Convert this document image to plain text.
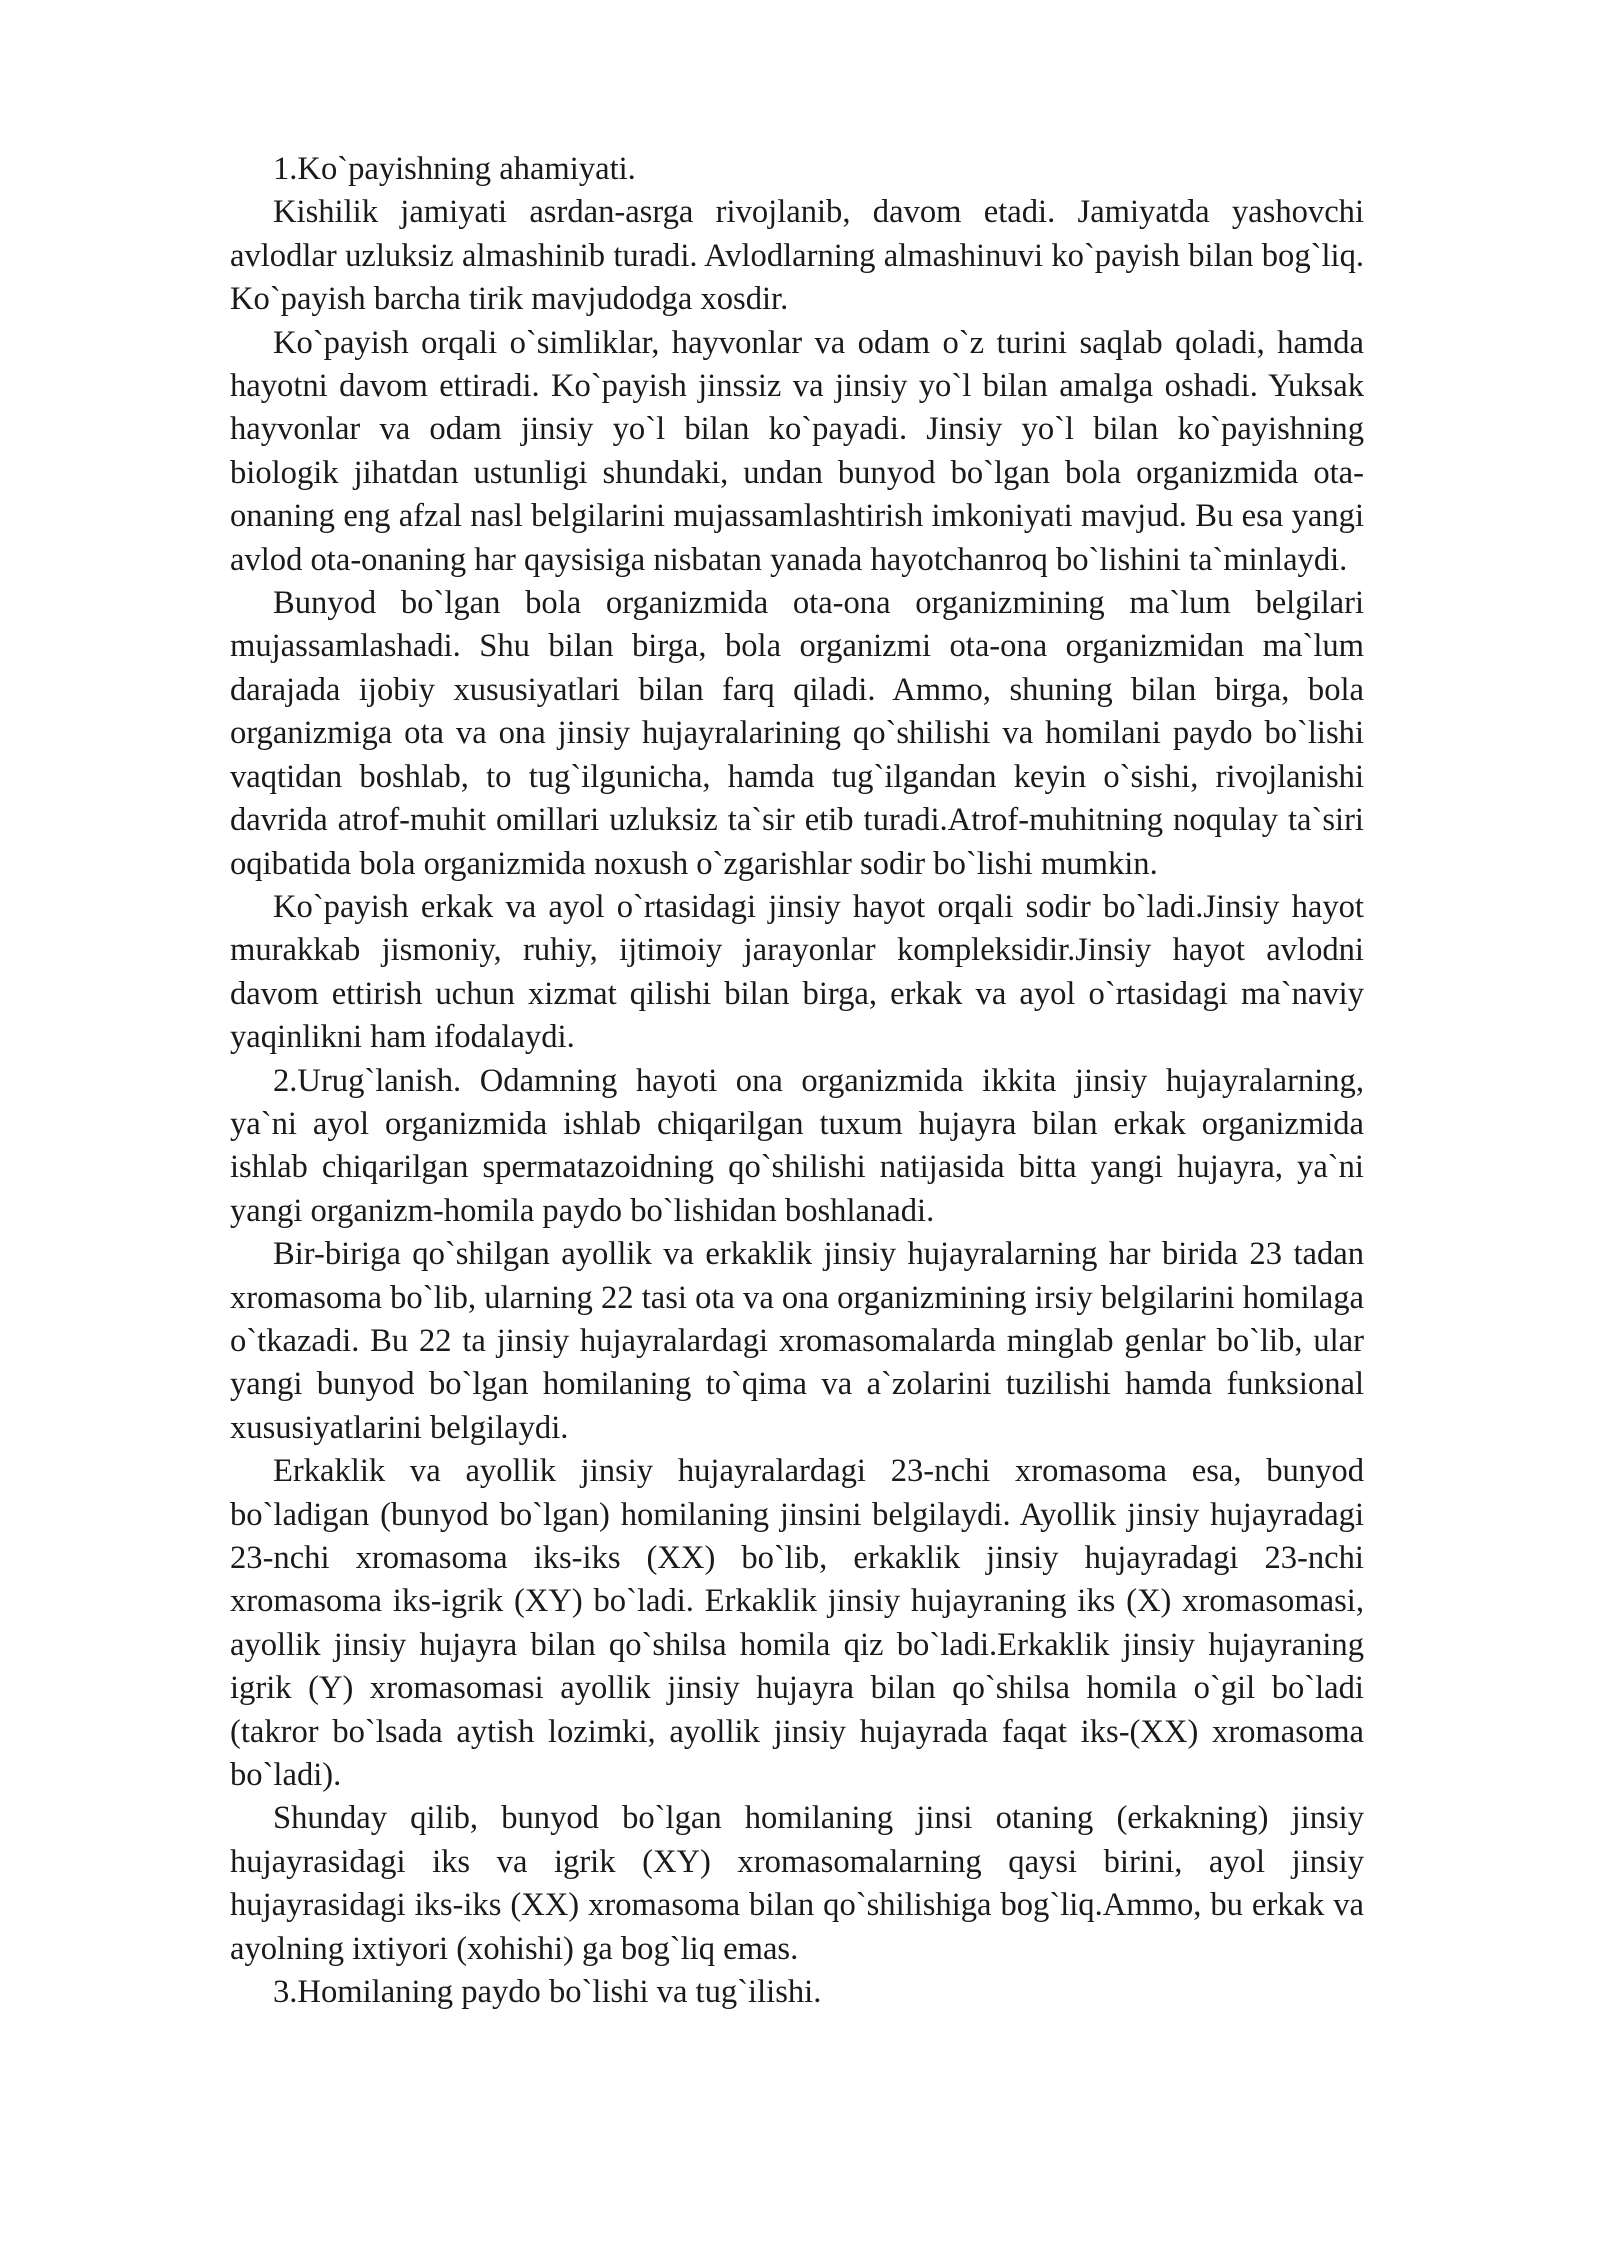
1.Ko`payishning ahamiyati.

Kishilik jamiyati asrdan-asrga rivojlanib, davom etadi. Jamiyatda yashovchi avlodlar uzluksiz almashinib turadi. Avlodlarning almashinuvi ko`payish bilan bog`liq. Ko`payish barcha tirik mavjudodga xosdir.

Ko`payish orqali o`simliklar, hayvonlar va odam o`z turini saqlab qoladi, hamda hayotni davom ettiradi. Ko`payish jinssiz va jinsiy yo`l bilan amalga oshadi. Yuksak hayvonlar va odam jinsiy yo`l bilan ko`payadi. Jinsiy yo`l bilan ko`payishning biologik jihatdan ustunligi shundaki, undan bunyod bo`lgan bola organizmida ota-onaning eng afzal nasl belgilarini mujassamlashtirish imkoniyati mavjud. Bu esa yangi avlod ota-onaning har qaysisiga nisbatan yanada hayotchanroq bo`lishini ta`minlaydi.

Bunyod bo`lgan bola organizmida ota-ona organizmining ma`lum belgilari mujassamlashadi. Shu bilan birga, bola organizmi ota-ona organizmidan ma`lum darajada ijobiy xususiyatlari bilan farq qiladi. Ammo, shuning bilan birga, bola organizmiga ota va ona jinsiy hujayralarining qo`shilishi va homilani paydo bo`lishi vaqtidan boshlab, to tug`ilgunicha, hamda tug`ilgandan keyin o`sishi, rivojlanishi davrida atrof-muhit omillari uzluksiz ta`sir etib turadi.Atrof-muhitning noqulay ta`siri oqibatida bola organizmida noxush o`zgarishlar sodir bo`lishi mumkin.

Ko`payish erkak va ayol o`rtasidagi jinsiy hayot orqali sodir bo`ladi.Jinsiy hayot murakkab jismoniy, ruhiy, ijtimoiy jarayonlar kompleksidir.Jinsiy hayot avlodni davom ettirish uchun xizmat qilishi bilan birga, erkak va ayol o`rtasidagi ma`naviy yaqinlikni ham ifodalaydi.

2.Urug`lanish. Odamning hayoti ona organizmida ikkita jinsiy hujayralarning, ya`ni ayol organizmida ishlab chiqarilgan tuxum hujayra bilan erkak organizmida ishlab chiqarilgan spermatazoidning qo`shilishi natijasida bitta yangi hujayra, ya`ni yangi organizm-homila paydo bo`lishidan boshlanadi.

Bir-biriga qo`shilgan ayollik va erkaklik jinsiy hujayralarning har birida 23 tadan xromasoma bo`lib, ularning 22 tasi ota va ona organizmining irsiy belgilarini homilaga o`tkazadi. Bu 22 ta jinsiy hujayralardagi xromasomalarda minglab genlar bo`lib, ular yangi bunyod bo`lgan homilaning to`qima va a`zolarini tuzilishi hamda funksional xususiyatlarini belgilaydi.

Erkaklik va ayollik jinsiy hujayralardagi 23-nchi xromasoma esa, bunyod bo`ladigan (bunyod bo`lgan) homilaning jinsini belgilaydi. Ayollik jinsiy hujayradagi 23-nchi xromasoma iks-iks (XX) bo`lib, erkaklik jinsiy hujayradagi 23-nchi xromasoma iks-igrik (XY) bo`ladi. Erkaklik jinsiy hujayraning iks (X) xromasomasi, ayollik jinsiy hujayra bilan qo`shilsa homila qiz bo`ladi.Erkaklik jinsiy hujayraning igrik (Y) xromasomasi ayollik jinsiy hujayra bilan qo`shilsa homila o`gil bo`ladi (takror bo`lsada aytish lozimki, ayollik jinsiy hujayrada faqat iks-(XX) xromasoma bo`ladi).

Shunday qilib, bunyod bo`lgan homilaning jinsi otaning (erkakning) jinsiy hujayrasidagi iks va igrik (XY) xromasomalarning qaysi birini, ayol jinsiy hujayrasidagi iks-iks (XX) xromasoma bilan qo`shilishiga bog`liq.Ammo, bu erkak va ayolning ixtiyori (xohishi) ga bog`liq emas.

3.Homilaning paydo bo`lishi va tug`ilishi.
